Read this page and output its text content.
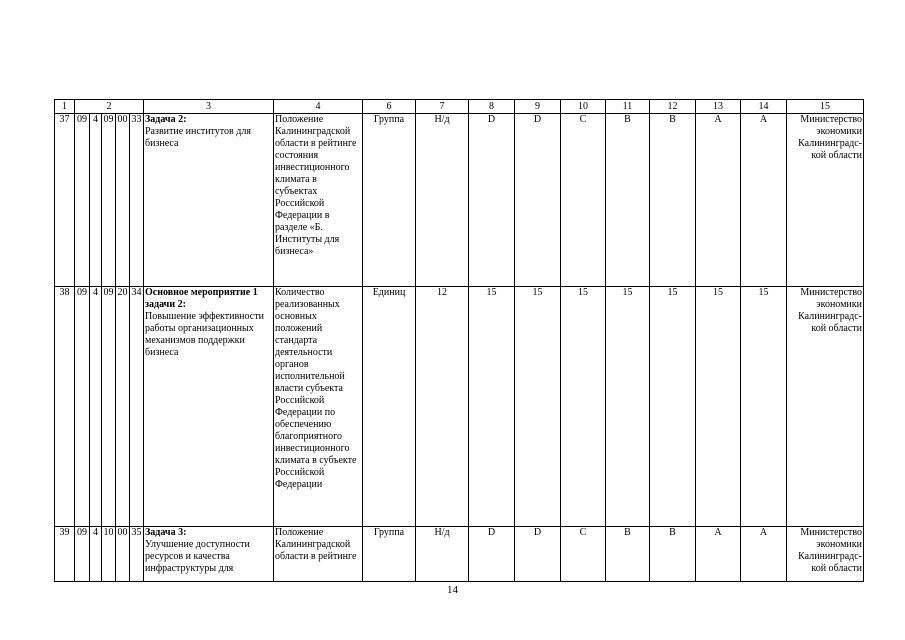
1	2					3	4	6	7	8	9	10	11	12	13	14	15
37	09	4	09	00	33	Задача 2:
Развитие институтов для бизнеса	Положение Калининградской области в рейтинге состояния инвестиционного климата в субъектах Российской Федерации в разделе «Б. Институты для бизнеса»	Группа	Н/д	D	D	C	B	B	A	A	Министерство экономики Калининградс-кой области
38	09	4	09	20	34	Основное мероприятие 1 задачи 2:
Повышение эффективности работы организационных механизмов поддержки бизнеса	Количество реализованных основных положений стандарта деятельности органов исполнительной власти субъекта Российской Федерации по обеспечению благоприятного инвестиционного климата в субъекте Российской Федерации	Единиц	12	15	15	15	15	15	15	15	Министерство экономики Калининградс-кой области
39	09	4	10	00	35	Задача 3:
Улучшение доступности ресурсов и качества инфраструктуры для	Положение Калининградской области в рейтинге	Группа	Н/д	D	D	C	B	B	A	A	Министерство экономики Калининградс-кой области
14
